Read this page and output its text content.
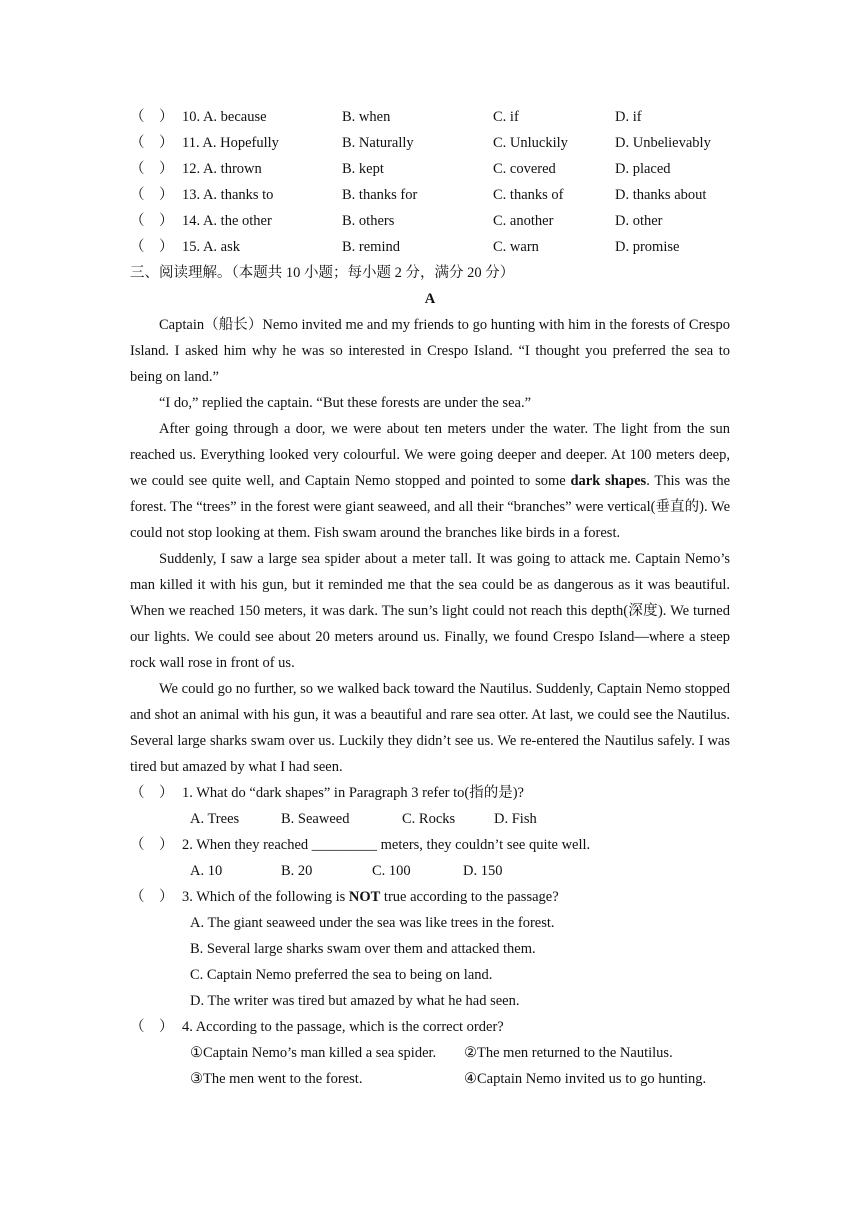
（　） 10. A. because	B. when	C. if	D. if
（　） 11. A. Hopefully	B. Naturally	C. Unluckily	D. Unbelievably
（　） 12. A. thrown	B. kept	C. covered	D. placed
（　） 13. A. thanks to	B. thanks for	C. thanks of	D. thanks about
（　） 14. A. the other	B. others	C. another	D. other
（　） 15. A. ask	B. remind	C. warn	D. promise
三、阅读理解。（本题共 10 小题；每小题 2 分，满分 20 分）
A

Captain（船长）Nemo invited me and my friends to go hunting with him in the forests of Crespo Island. I asked him why he was so interested in Crespo Island. “I thought you preferred the sea to being on land.”

“I do,” replied the captain. “But these forests are under the sea.”

After going through a door, we were about ten meters under the water. The light from the sun reached us. Everything looked very colourful. We were going deeper and deeper. At 100 meters deep, we could see quite well, and Captain Nemo stopped and pointed to some dark shapes. This was the forest. The “trees” in the forest were giant seaweed, and all their “branches” were vertical(垂直的). We could not stop looking at them. Fish swam around the branches like birds in a forest.

Suddenly, I saw a large sea spider about a meter tall. It was going to attack me. Captain Nemo’s man killed it with his gun, but it reminded me that the sea could be as dangerous as it was beautiful. When we reached 150 meters, it was dark. The sun’s light could not reach this depth(深度). We turned our lights. We could see about 20 meters around us. Finally, we found Crespo Island—where a steep rock wall rose in front of us.

We could go no further, so we walked back toward the Nautilus. Suddenly, Captain Nemo stopped and shot an animal with his gun, it was a beautiful and rare sea otter. At last, we could see the Nautilus. Several large sharks swam over us. Luckily they didn’t see us. We re-entered the Nautilus safely. I was tired but amazed by what I had seen.

（　） 1. What do “dark shapes” in Paragraph 3 refer to(指的是)?
A. Trees	B. Seaweed	C. Rocks	D. Fish
（　） 2. When they reached _________ meters, they couldn’t see quite well.
A. 10	B. 20	C. 100	D. 150
（　） 3. Which of the following is NOT true according to the passage?
A. The giant seaweed under the sea was like trees in the forest.
B. Several large sharks swam over them and attacked them.
C. Captain Nemo preferred the sea to being on land.
D. The writer was tired but amazed by what he had seen.
（　） 4. According to the passage, which is the correct order?
①Captain Nemo’s man killed a sea spider. ②The men returned to the Nautilus.
③The men went to the forest.	④Captain Nemo invited us to go hunting.
